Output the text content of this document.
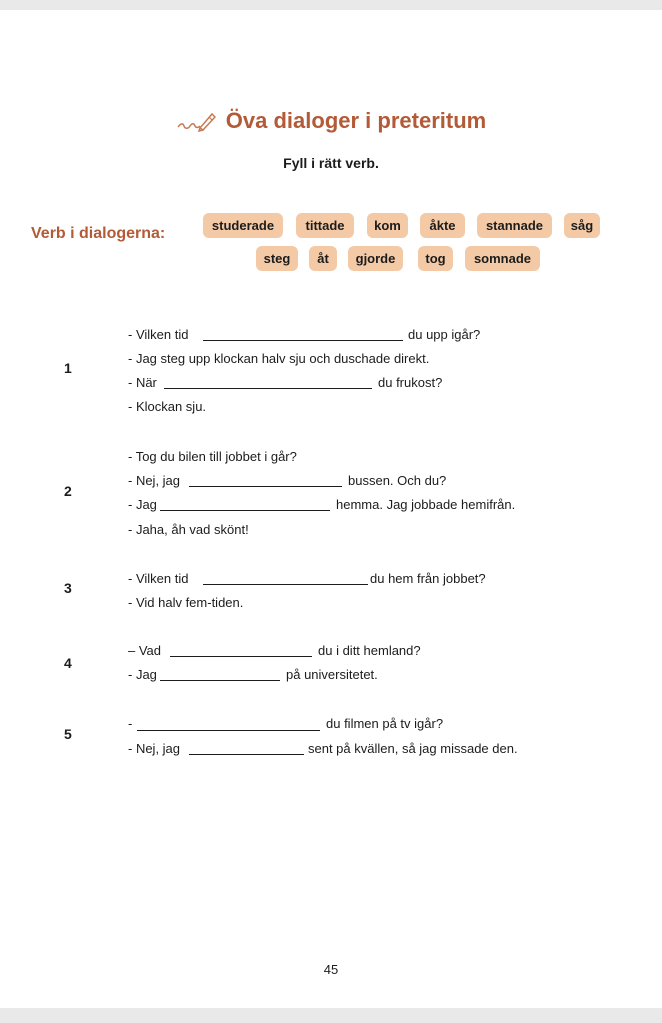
Öva dialoger i preteritum
Fyll i rätt verb.
Verb i dialogerna:	studerade	tittade	kom	åkte	stannade	såg
steg	åt	gjorde	tog	somnade
1
- Vilken tid	du upp igår?
- Jag steg upp klockan halv sju och duschade direkt.
- När	du frukost?
- Klockan sju.
2
- Tog du bilen till jobbet i går?
- Nej, jag	bussen. Och du?
- Jag	hemma. Jag jobbade hemifrån.
- Jaha, åh vad skönt!
3
- Vilken tid	du hem från jobbet?
- Vid halv fem-tiden.
4
– Vad	du i ditt hemland?
- Jag	på universitetet.
5
-	du filmen på tv igår?
- Nej, jag	sent på kvällen, så jag missade den.
45
